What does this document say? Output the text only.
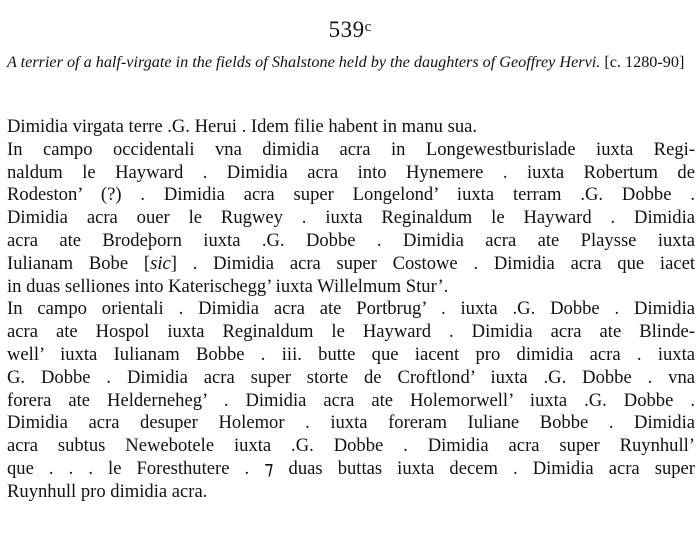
539$^c$
A terrier of a half-virgate in the fields of Shalstone held by the daughters of Geoffrey Hervi. [c. 1280-90]

Dimidia virgata terre .G. Herui . Idem filie habent in manu sua.

In campo occidentali vna dimidia acra in Longewestburislade iuxta Regi-
naldum le Hayward . Dimidia acra into Hynemere . iuxta Robertum de
Rodeston’ (?) . Dimidia acra super Longelond’ iuxta terram .G. Dobbe .
Dimidia acra ouer le Rugwey . iuxta Reginaldum le Hayward . Dimidia
acra ate Brodeþorn iuxta .G. Dobbe . Dimidia acra ate Playsse iuxta
Iulianam Bobe [sic] . Dimidia acra super Costowe . Dimidia acra que iacet
in duas selliones into Katerischegg’ iuxta Willelmum Stur’.

In campo orientali . Dimidia acra ate Portbrug’ . iuxta .G. Dobbe . Dimidia
acra ate Hospol iuxta Reginaldum le Hayward . Dimidia acra ate Blinde-
well’ iuxta Iulianam Bobbe . iii. butte que iacent pro dimidia acra . iuxta
G. Dobbe . Dimidia acra super storte de Croftlond’ iuxta .G. Dobbe . vna
forera ate Helderneheg’ . Dimidia acra ate Holemorwell’ iuxta .G. Dobbe .
Dimidia acra desuper Holemor . iuxta foreram Iuliane Bobbe . Dimidia
acra subtus Newebotele iuxta .G. Dobbe . Dimidia acra super Ruynhull’
que . . . le Foresthutere . ⁊ duas buttas iuxta decem . Dimidia acra super
Ruynhull pro dimidia acra.
